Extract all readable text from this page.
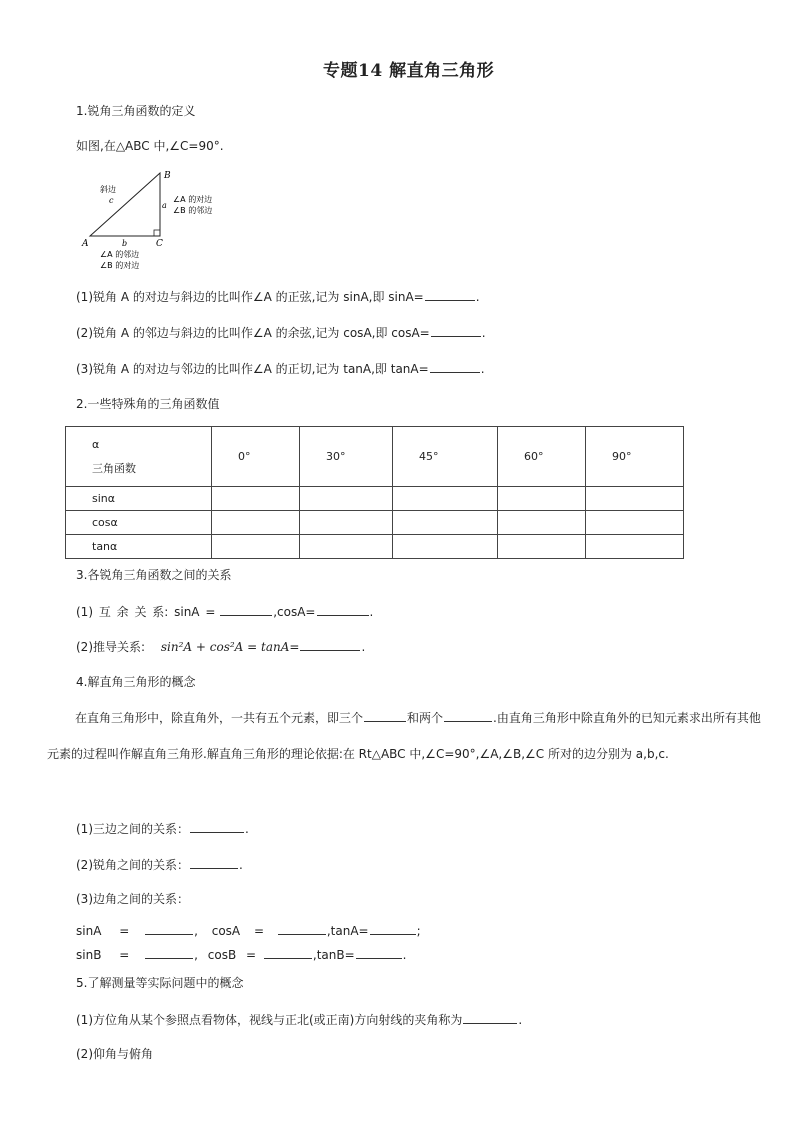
专题14 解直角三角形
1.锐角三角函数的定义
如图,在△ABC 中,∠C=90°.
B
A	C
斜边
c
a
b
∠A 的对边
∠B 的邻边
∠A 的邻边
∠B 的对边
(1)锐角 A 的对边与斜边的比叫作∠A 的正弦,记为 sinA,即 sinA=	.
(2)锐角 A 的邻边与斜边的比叫作∠A 的余弦,记为 cosA,即 cosA=	.
(3)锐角 A 的对边与邻边的比叫作∠A 的正切,记为 tanA,即 tanA=	.
2.一些特殊角的三角函数值
α
三角函数	0°	30°	45°	60°	90°
sinα					
cosα					
tanα					
3.各锐角三角函数之间的关系
(1) 互 余 关 系: sinA =	,cosA=	.
(2)推导关系: sin²A + cos²A = tanA=	.
4.解直角三角形的概念
在直角三角形中，除直角外，一共有五个元素，即三个	和两个	.由直角三角形中除直角外的已知元素求出所有其他元素的过程叫作解直角三角形.解直角三角形的理论依据:在 Rt△ABC 中,∠C=90°,∠A,∠B,∠C 所对的边分别为 a,b,c.
(1)三边之间的关系：	.
(2)锐角之间的关系：	.
(3)边角之间的关系：
sinA =	, cosA =	,tanA=	;
sinB =	, cosB =	,tanB=	.
5.了解测量等实际问题中的概念
(1)方位角从某个参照点看物体，视线与正北(或正南)方向射线的夹角称为	.
(2)仰角与俯角
